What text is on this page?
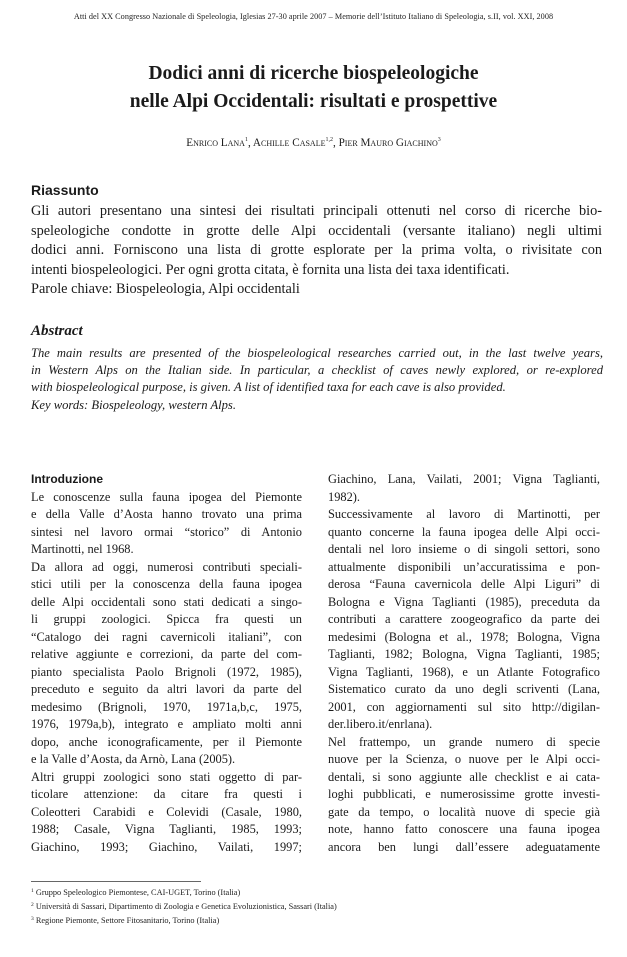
Atti del XX Congresso Nazionale di Speleologia, Iglesias 27-30 aprile 2007 – Memorie dell’Istituto Italiano di Speleologia, s.II, vol. XXI, 2008
Dodici anni di ricerche biospeleologiche
nelle Alpi Occidentali: risultati e prospettive
Enrico Lana$^1$, Achille Casale$^{1,2}$, Pier Mauro Giachino$^3$
Riassunto
Gli autori presentano una sintesi dei risultati principali ottenuti nel corso di ricerche bio-
speleologiche condotte in grotte delle Alpi occidentali (versante italiano) negli ultimi
dodici anni. Forniscono una lista di grotte esplorate per la prima volta, o rivisitate con
intenti biospeleologici. Per ogni grotta citata, è fornita una lista dei taxa identificati.
Parole chiave: Biospeleologia, Alpi occidentali
Abstract
The main results are presented of the biospeleological researches carried out, in the last twelve years,
in Western Alps on the Italian side. In particular, a checklist of caves newly explored, or re-explored
with biospeleological purpose, is given. A list of identified taxa for each cave is also provided.
Key words: Biospeleology, western Alps.
Introduzione
Le conoscenze sulla fauna ipogea del Piemonte
e della Valle d’Aosta hanno trovato una prima
sintesi nel lavoro ormai “storico” di Antonio
Martinotti, nel 1968.
Da allora ad oggi, numerosi contributi speciali-
stici utili per la conoscenza della fauna ipogea
delle Alpi occidentali sono stati dedicati a singo-
li gruppi zoologici. Spicca fra questi un
“Catalogo dei ragni cavernicoli italiani”, con
relative aggiunte e correzioni, da parte del com-
pianto specialista Paolo Brignoli (1972, 1985),
preceduto e seguito da altri lavori da parte del
medesimo (Brignoli, 1970, 1971a,b,c, 1975,
1976, 1979a,b), integrato e ampliato molti anni
dopo, anche iconograficamente, per il Piemonte
e la Valle d’Aosta, da Arnò, Lana (2005).
Altri gruppi zoologici sono stati oggetto di par-
ticolare attenzione: da citare fra questi i
Coleotteri Carabidi e Colevidi (Casale, 1980,
1988; Casale, Vigna Taglianti, 1985, 1993;
Giachino, 1993; Giachino, Vailati, 1997;
Giachino, Lana, Vailati, 2001; Vigna Taglianti,
1982).
Successivamente al lavoro di Martinotti, per
quanto concerne la fauna ipogea delle Alpi occi-
dentali nel loro insieme o di singoli settori, sono
attualmente disponibili un’accuratissima e pon-
derosa “Fauna cavernicola delle Alpi Liguri” di
Bologna e Vigna Taglianti (1985), preceduta da
contributi a carattere zoogeografico da parte dei
medesimi (Bologna et al., 1978; Bologna, Vigna
Taglianti, 1982; Bologna, Vigna Taglianti, 1985;
Vigna Taglianti, 1968), e un Atlante Fotografico
Sistematico curato da uno degli scriventi (Lana,
2001, con aggiornamenti sul sito http://digilan-
der.libero.it/enrlana).
Nel frattempo, un grande numero di specie
nuove per la Scienza, o nuove per le Alpi occi-
dentali, si sono aggiunte alle checklist e ai cata-
loghi pubblicati, e numerosissime grotte investi-
gate da tempo, o località nuove di specie già
note, hanno fatto conoscere una fauna ipogea
ancora ben lungi dall’essere adeguatamente
$^1$ Gruppo Speleologico Piemontese, CAI-UGET, Torino (Italia)
$^2$ Università di Sassari, Dipartimento di Zoologia e Genetica Evoluzionistica, Sassari (Italia)
$^3$ Regione Piemonte, Settore Fitosanitario, Torino (Italia)
